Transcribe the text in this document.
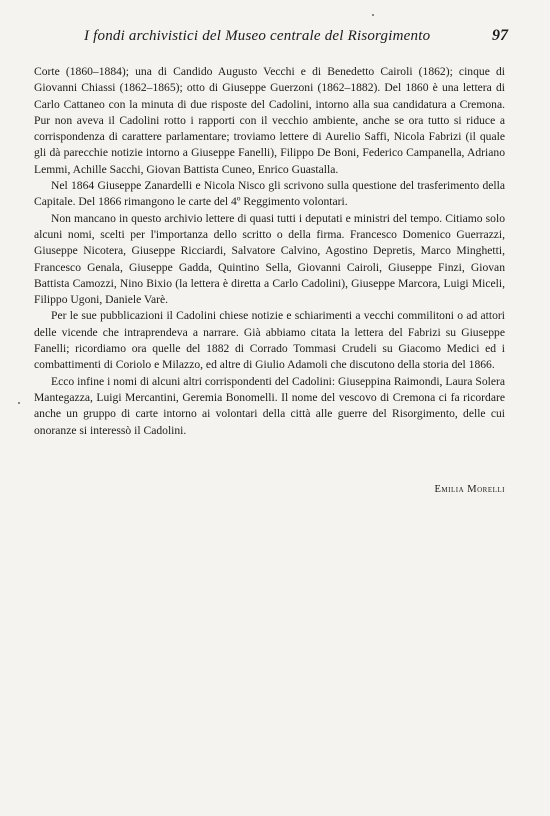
I fondi archivistici del Museo centrale del Risorgimento	97

Corte (1860–1884); una di Candido Augusto Vecchi e di Benedetto Cairoli (1862); cinque di Giovanni Chiassi (1862–1865); otto di Giuseppe Guerzoni (1862–1882). Del 1860 è una lettera di Carlo Cattaneo con la minuta di due risposte del Cadolini, intorno alla sua candidatura a Cremona. Pur non aveva il Cadolini rotto i rapporti con il vecchio ambiente, anche se ora tutto si riduce a corrispondenza di carattere parlamentare; troviamo lettere di Aurelio Saffi, Nicola Fabrizi (il quale gli dà parecchie notizie intorno a Giuseppe Fanelli), Filippo De Boni, Federico Campanella, Adriano Lemmi, Achille Sacchi, Giovan Battista Cuneo, Enrico Guastalla.

Nel 1864 Giuseppe Zanardelli e Nicola Nisco gli scrivono sulla questione del trasferimento della Capitale. Del 1866 rimangono le carte del 4º Reggimento volontari.

Non mancano in questo archivio lettere di quasi tutti i deputati e ministri del tempo. Citiamo solo alcuni nomi, scelti per l'importanza dello scritto o della firma. Francesco Domenico Guerrazzi, Giuseppe Nicotera, Giuseppe Ricciardi, Salvatore Calvino, Agostino Depretis, Marco Minghetti, Francesco Genala, Giuseppe Gadda, Quintino Sella, Giovanni Cairoli, Giuseppe Finzi, Giovan Battista Camozzi, Nino Bixio (la lettera è diretta a Carlo Cadolini), Giuseppe Marcora, Luigi Miceli, Filippo Ugoni, Daniele Varè.

Per le sue pubblicazioni il Cadolini chiese notizie e schiarimenti a vecchi commilitoni o ad attori delle vicende che intraprendeva a narrare. Già abbiamo citata la lettera del Fabrizi su Giuseppe Fanelli; ricordiamo ora quelle del 1882 di Corrado Tommasi Crudeli su Giacomo Medici ed i combattimenti di Coriolo e Milazzo, ed altre di Giulio Adamoli che discutono della storia del 1866.

Ecco infine i nomi di alcuni altri corrispondenti del Cadolini: Giuseppina Raimondi, Laura Solera Mantegazza, Luigi Mercantini, Geremia Bonomelli. Il nome del vescovo di Cremona ci fa ricordare anche un gruppo di carte intorno ai volontari della città alle guerre del Risorgimento, delle cui onoranze si interessò il Cadolini.

Emilia Morelli
